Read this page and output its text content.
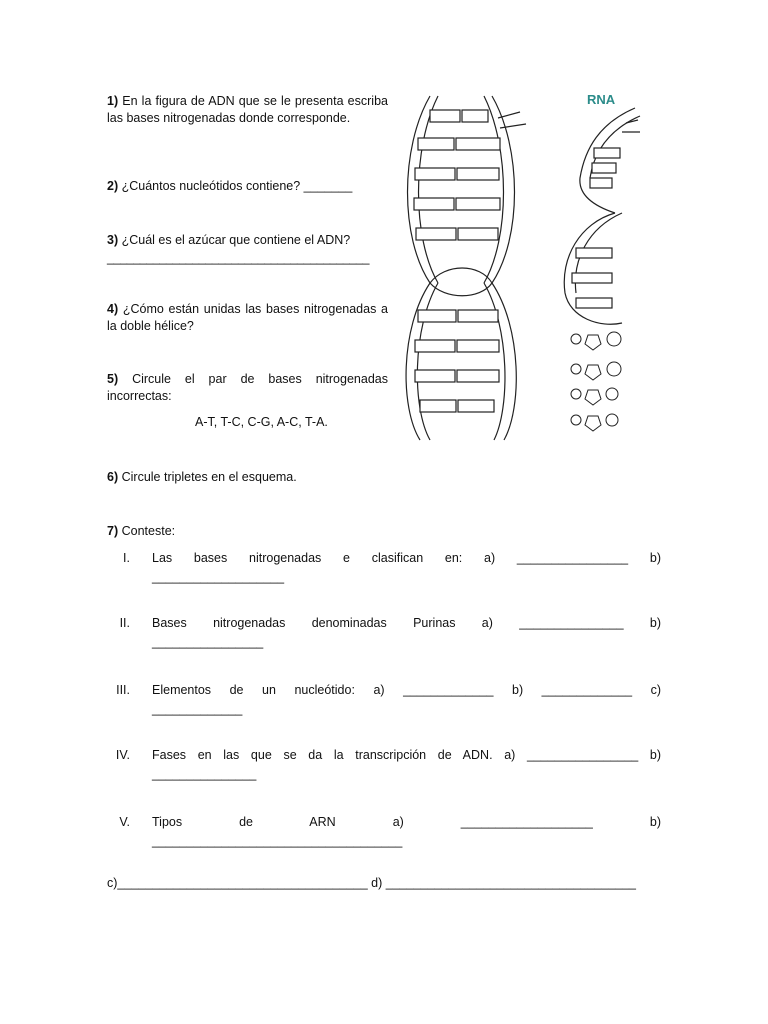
1) En la figura de ADN que se le presenta escriba las bases nitrogenadas donde corresponde.
2) ¿Cuántos nucleótidos contiene? _______
3) ¿Cuál es el azúcar que contiene el ADN?
________________________________________
4) ¿Cómo están unidas las bases nitrogenadas a la doble hélice?
5) Circule el par de bases nitrogenadas incorrectas:
A-T, T-C, C-G, A-C, T-A.
RNA
6) Circule tripletes en el esquema.
7) Conteste:
I. Las bases nitrogenadas e clasifican en: a) ________________ b)
___________________
II. Bases nitrogenadas denominadas Purinas a) _______________ b)
________________
III. Elementos de un nucleótido: a) _____________ b) _____________ c)
_____________
IV. Fases en las que se da la transcripción de ADN. a) ________________ b)
_______________
V. Tipos de ARN a) ___________________ b)
____________________________________
c)____________________________________ d) ____________________________________
